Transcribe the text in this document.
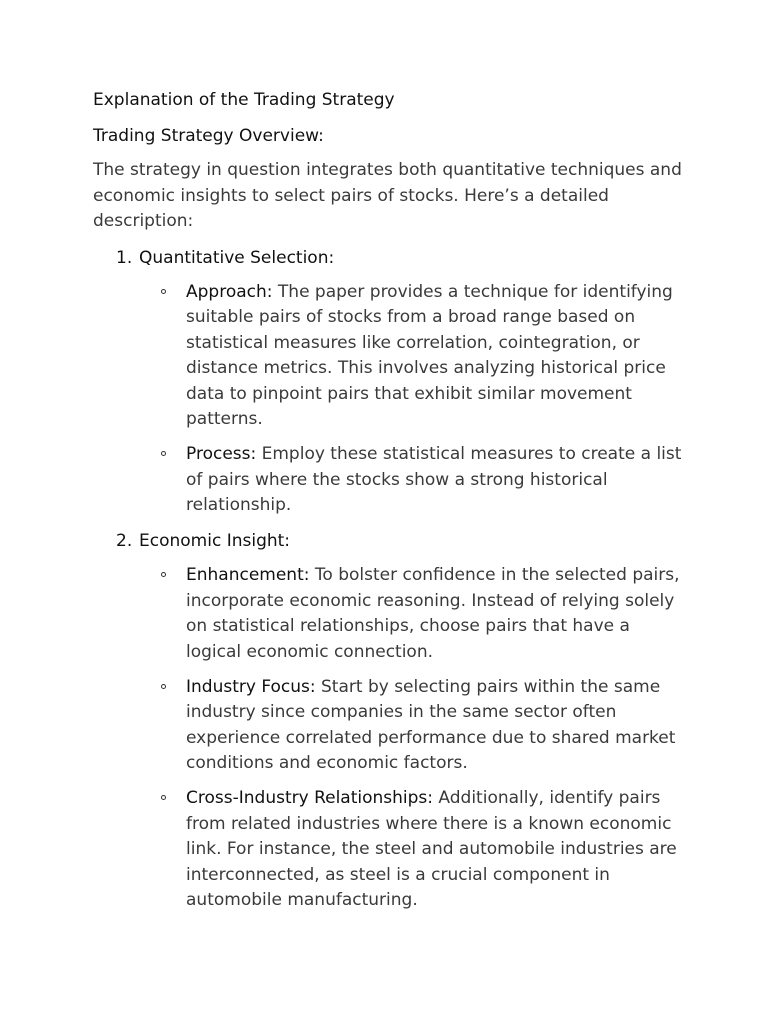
Explanation of the Trading Strategy

Trading Strategy Overview:

The strategy in question integrates both quantitative techniques and economic insights to select pairs of stocks. Here’s a detailed description:

1. Quantitative Selection:
Approach: The paper provides a technique for identifying suitable pairs of stocks from a broad range based on statistical measures like correlation, cointegration, or distance metrics. This involves analyzing historical price data to pinpoint pairs that exhibit similar movement patterns.
Process: Employ these statistical measures to create a list of pairs where the stocks show a strong historical relationship.
2. Economic Insight:
Enhancement: To bolster confidence in the selected pairs, incorporate economic reasoning. Instead of relying solely on statistical relationships, choose pairs that have a logical economic connection.
Industry Focus: Start by selecting pairs within the same industry since companies in the same sector often experience correlated performance due to shared market conditions and economic factors.
Cross-Industry Relationships: Additionally, identify pairs from related industries where there is a known economic link. For instance, the steel and automobile industries are interconnected, as steel is a crucial component in automobile manufacturing.
